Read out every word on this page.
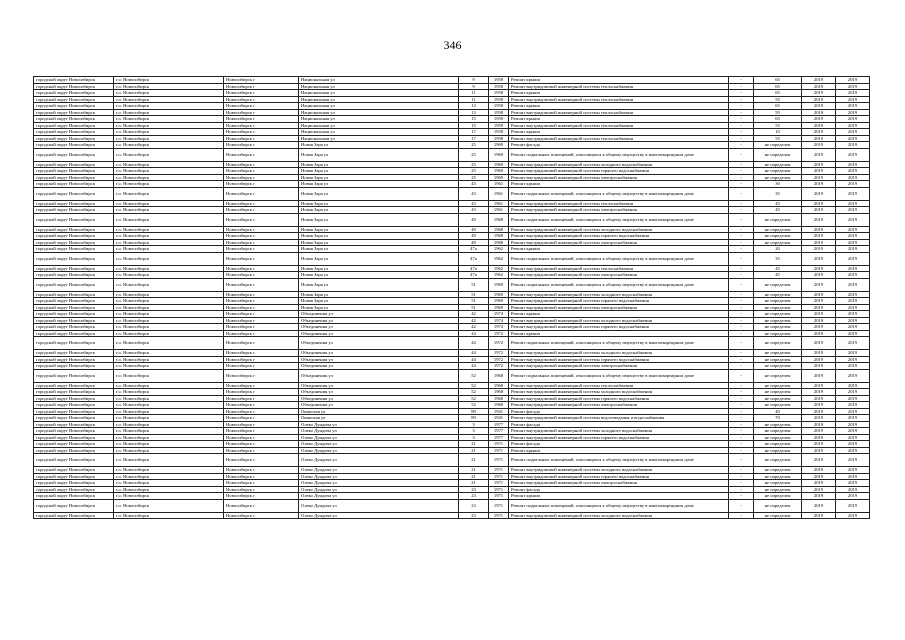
346
городской округ Новосибирск	г.о. Новосибирск	Новосибирск г	Национальная ул	9	1958	Ремонт крыши	-	65	2019	2019
городской округ Новосибирск	г.о. Новосибирск	Новосибирск г	Национальная ул	9	1958	Ремонт внутридомовой инженерной системы теплоснабжения	-	65	2019	2019
городской округ Новосибирск	г.о. Новосибирск	Новосибирск г	Национальная ул	11	1958	Ремонт крыши	-	65	2019	2019
городской округ Новосибирск	г.о. Новосибирск	Новосибирск г	Национальная ул	11	1958	Ремонт внутридомовой инженерной системы теплоснабжения	-	55	2019	2019
городской округ Новосибирск	г.о. Новосибирск	Новосибирск г	Национальная ул	13	1958	Ремонт крыши	-	65	2019	2019
городской округ Новосибирск	г.о. Новосибирск	Новосибирск г	Национальная ул	13	1958	Ремонт внутридомовой инженерной системы теплоснабжения	-	55	2019	2019
городской округ Новосибирск	г.о. Новосибирск	Новосибирск г	Национальная ул	15	1959	Ремонт крыши	-	65	2019	2019
городской округ Новосибирск	г.о. Новосибирск	Новосибирск г	Национальная ул	15	1959	Ремонт внутридомовой инженерной системы теплоснабжения	-	55	2019	2019
городской округ Новосибирск	г.о. Новосибирск	Новосибирск г	Национальная ул	17	1958	Ремонт крыши	-	10	2019	2019
городской округ Новосибирск	г.о. Новосибирск	Новосибирск г	Национальная ул	17	1958	Ремонт внутридомовой инженерной системы теплоснабжения	-	55	2019	2019
городской округ Новосибирск	г.о. Новосибирск	Новосибирск г	Новая Заря ул	25	1969	Ремонт фасада	-	не определен	2019	2019
городской округ Новосибирск	г.о. Новосибирск	Новосибирск г	Новая Заря ул	25	1969	Ремонт подвальных помещений, относящихся к общему имуществу в многоквартирном доме	-	не определен	2019	2019
городской округ Новосибирск	г.о. Новосибирск	Новосибирск г	Новая Заря ул	25	1969	Ремонт внутридомовой инженерной системы холодного водоснабжения	-	не определен	2019	2019
городской округ Новосибирск	г.о. Новосибирск	Новосибирск г	Новая Заря ул	25	1969	Ремонт внутридомовой инженерной системы горячего водоснабжения	-	не определен	2019	2019
городской округ Новосибирск	г.о. Новосибирск	Новосибирск г	Новая Заря ул	25	1969	Ремонт внутридомовой инженерной системы электроснабжения	-	не определен	2019	2019
городской округ Новосибирск	г.о. Новосибирск	Новосибирск г	Новая Заря ул	43	1961	Ремонт крыши	-	30	2019	2019
городской округ Новосибирск	г.о. Новосибирск	Новосибирск г	Новая Заря ул	43	1961	Ремонт подвальных помещений, относящихся к общему имуществу в многоквартирном доме	-	35	2019	2019
городской округ Новосибирск	г.о. Новосибирск	Новосибирск г	Новая Заря ул	43	1961	Ремонт внутридомовой инженерной системы теплоснабжения	-	45	2019	2019
городской округ Новосибирск	г.о. Новосибирск	Новосибирск г	Новая Заря ул	43	1961	Ремонт внутридомовой инженерной системы электроснабжения	-	45	2019	2019
городской округ Новосибирск	г.о. Новосибирск	Новосибирск г	Новая Заря ул	49	1968	Ремонт подвальных помещений, относящихся к общему имуществу в многоквартирном доме	-	не определен	2019	2019
городской округ Новосибирск	г.о. Новосибирск	Новосибирск г	Новая Заря ул	49	1968	Ремонт внутридомовой инженерной системы холодного водоснабжения	-	не определен	2019	2019
городской округ Новосибирск	г.о. Новосибирск	Новосибирск г	Новая Заря ул	49	1968	Ремонт внутридомовой инженерной системы горячего водоснабжения	-	не определен	2019	2019
городской округ Новосибирск	г.о. Новосибирск	Новосибирск г	Новая Заря ул	49	1968	Ремонт внутридомовой инженерной системы электроснабжения	-	не определен	2019	2019
городской округ Новосибирск	г.о. Новосибирск	Новосибирск г	Новая Заря ул	47а	1962	Ремонт крыши	-	20	2019	2019
городской округ Новосибирск	г.о. Новосибирск	Новосибирск г	Новая Заря ул	47а	1962	Ремонт подвальных помещений, относящихся к общему имуществу в многоквартирном доме	-	35	2019	2019
городской округ Новосибирск	г.о. Новосибирск	Новосибирск г	Новая Заря ул	47а	1962	Ремонт внутридомовой инженерной системы теплоснабжения	-	45	2019	2019
городской округ Новосибирск	г.о. Новосибирск	Новосибирск г	Новая Заря ул	47а	1962	Ремонт внутридомовой инженерной системы электроснабжения	-	45	2019	2019
городской округ Новосибирск	г.о. Новосибирск	Новосибирск г	Новая Заря ул	51	1969	Ремонт подвальных помещений, относящихся к общему имуществу в многоквартирном доме	-	не определен	2019	2019
городской округ Новосибирск	г.о. Новосибирск	Новосибирск г	Новая Заря ул	51	1969	Ремонт внутридомовой инженерной системы холодного водоснабжения	-	не определен	2019	2019
городской округ Новосибирск	г.о. Новосибирск	Новосибирск г	Новая Заря ул	51	1969	Ремонт внутридомовой инженерной системы горячего водоснабжения	-	не определен	2019	2019
городской округ Новосибирск	г.о. Новосибирск	Новосибирск г	Новая Заря ул	51	1969	Ремонт внутридомовой инженерной системы электроснабжения	-	не определен	2019	2019
городской округ Новосибирск	г.о. Новосибирск	Новосибирск г	Объединения ул	42	1974	Ремонт крыши	-	не определен	2019	2019
городской округ Новосибирск	г.о. Новосибирск	Новосибирск г	Объединения ул	42	1974	Ремонт внутридомовой инженерной системы холодного водоснабжения	-	не определен	2019	2019
городской округ Новосибирск	г.о. Новосибирск	Новосибирск г	Объединения ул	42	1974	Ремонт внутридомовой инженерной системы горячего водоснабжения	-	не определен	2019	2019
городской округ Новосибирск	г.о. Новосибирск	Новосибирск г	Объединения ул	44	1972	Ремонт крыши	-	не определен	2019	2019
городской округ Новосибирск	г.о. Новосибирск	Новосибирск г	Объединения ул	44	1972	Ремонт подвальных помещений, относящихся к общему имуществу в многоквартирном доме	-	не определен	2019	2019
городской округ Новосибирск	г.о. Новосибирск	Новосибирск г	Объединения ул	44	1972	Ремонт внутридомовой инженерной системы холодного водоснабжения	-	не определен	2019	2019
городской округ Новосибирск	г.о. Новосибирск	Новосибирск г	Объединения ул	44	1972	Ремонт внутридомовой инженерной системы горячего водоснабжения	-	не определен	2019	2019
городской округ Новосибирск	г.о. Новосибирск	Новосибирск г	Объединения ул	44	1972	Ремонт внутридомовой инженерной системы электроснабжения	-	не определен	2019	2019
городской округ Новосибирск	г.о. Новосибирск	Новосибирск г	Объединения ул	52	1968	Ремонт подвальных помещений, относящихся к общему имуществу в многоквартирном доме	-	не определен	2019	2019
городской округ Новосибирск	г.о. Новосибирск	Новосибирск г	Объединения ул	52	1968	Ремонт внутридомовой инженерной системы теплоснабжения	-	не определен	2019	2019
городской округ Новосибирск	г.о. Новосибирск	Новосибирск г	Объединения ул	52	1968	Ремонт внутридомовой инженерной системы холодного водоснабжения	-	не определен	2019	2019
городской округ Новосибирск	г.о. Новосибирск	Новосибирск г	Объединения ул	52	1968	Ремонт внутридомовой инженерной системы горячего водоснабжения	-	не определен	2019	2019
городской округ Новосибирск	г.о. Новосибирск	Новосибирск г	Объединения ул	52	1968	Ремонт внутридомовой инженерной системы электроснабжения	-	не определен	2019	2019
городской округ Новосибирск	г.о. Новосибирск	Новосибирск г	Окинская ул	89	1941	Ремонт фасада	-	40	2019	2019
городской округ Новосибирск	г.о. Новосибирск	Новосибирск г	Окинская ул	89	1941	Ремонт внутридомовой инженерной системы водоотведения и водоснабжения	-	70	2019	2019
городской округ Новосибирск	г.о. Новосибирск	Новосибирск г	Олеко Дундича ул	3	1977	Ремонт фасада	-	не определен	2019	2019
городской округ Новосибирск	г.о. Новосибирск	Новосибирск г	Олеко Дундича ул	3	1977	Ремонт внутридомовой инженерной системы холодного водоснабжения	-	не определен	2019	2019
городской округ Новосибирск	г.о. Новосибирск	Новосибирск г	Олеко Дундича ул	3	1977	Ремонт внутридомовой инженерной системы горячего водоснабжения	-	не определен	2019	2019
городской округ Новосибирск	г.о. Новосибирск	Новосибирск г	Олеко Дундича ул	21	1971	Ремонт фасада	-	не определен	2019	2019
городской округ Новосибирск	г.о. Новосибирск	Новосибирск г	Олеко Дундича ул	21	1971	Ремонт крыши	-	не определен	2019	2019
городской округ Новосибирск	г.о. Новосибирск	Новосибирск г	Олеко Дундича ул	21	1971	Ремонт подвальных помещений, относящихся к общему имуществу в многоквартирном доме	-	не определен	2019	2019
городской округ Новосибирск	г.о. Новосибирск	Новосибирск г	Олеко Дундича ул	21	1971	Ремонт внутридомовой инженерной системы холодного водоснабжения	-	не определен	2019	2019
городской округ Новосибирск	г.о. Новосибирск	Новосибирск г	Олеко Дундича ул	21	1971	Ремонт внутридомовой инженерной системы горячего водоснабжения	-	не определен	2019	2019
городской округ Новосибирск	г.о. Новосибирск	Новосибирск г	Олеко Дундича ул	21	1971	Ремонт внутридомовой инженерной системы электроснабжения	-	не определен	2019	2019
городской округ Новосибирск	г.о. Новосибирск	Новосибирск г	Олеко Дундича ул	23	1971	Ремонт фасада	-	не определен	2019	2019
городской округ Новосибирск	г.о. Новосибирск	Новосибирск г	Олеко Дундича ул	23	1971	Ремонт крыши	-	не определен	2019	2019
городской округ Новосибирск	г.о. Новосибирск	Новосибирск г	Олеко Дундича ул	23	1971	Ремонт подвальных помещений, относящихся к общему имуществу в многоквартирном доме	-	не определен	2019	2019
городской округ Новосибирск	г.о. Новосибирск	Новосибирск г	Олеко Дундича ул	23	1971	Ремонт внутридомовой инженерной системы холодного водоснабжения	-	не определен	2019	2019
